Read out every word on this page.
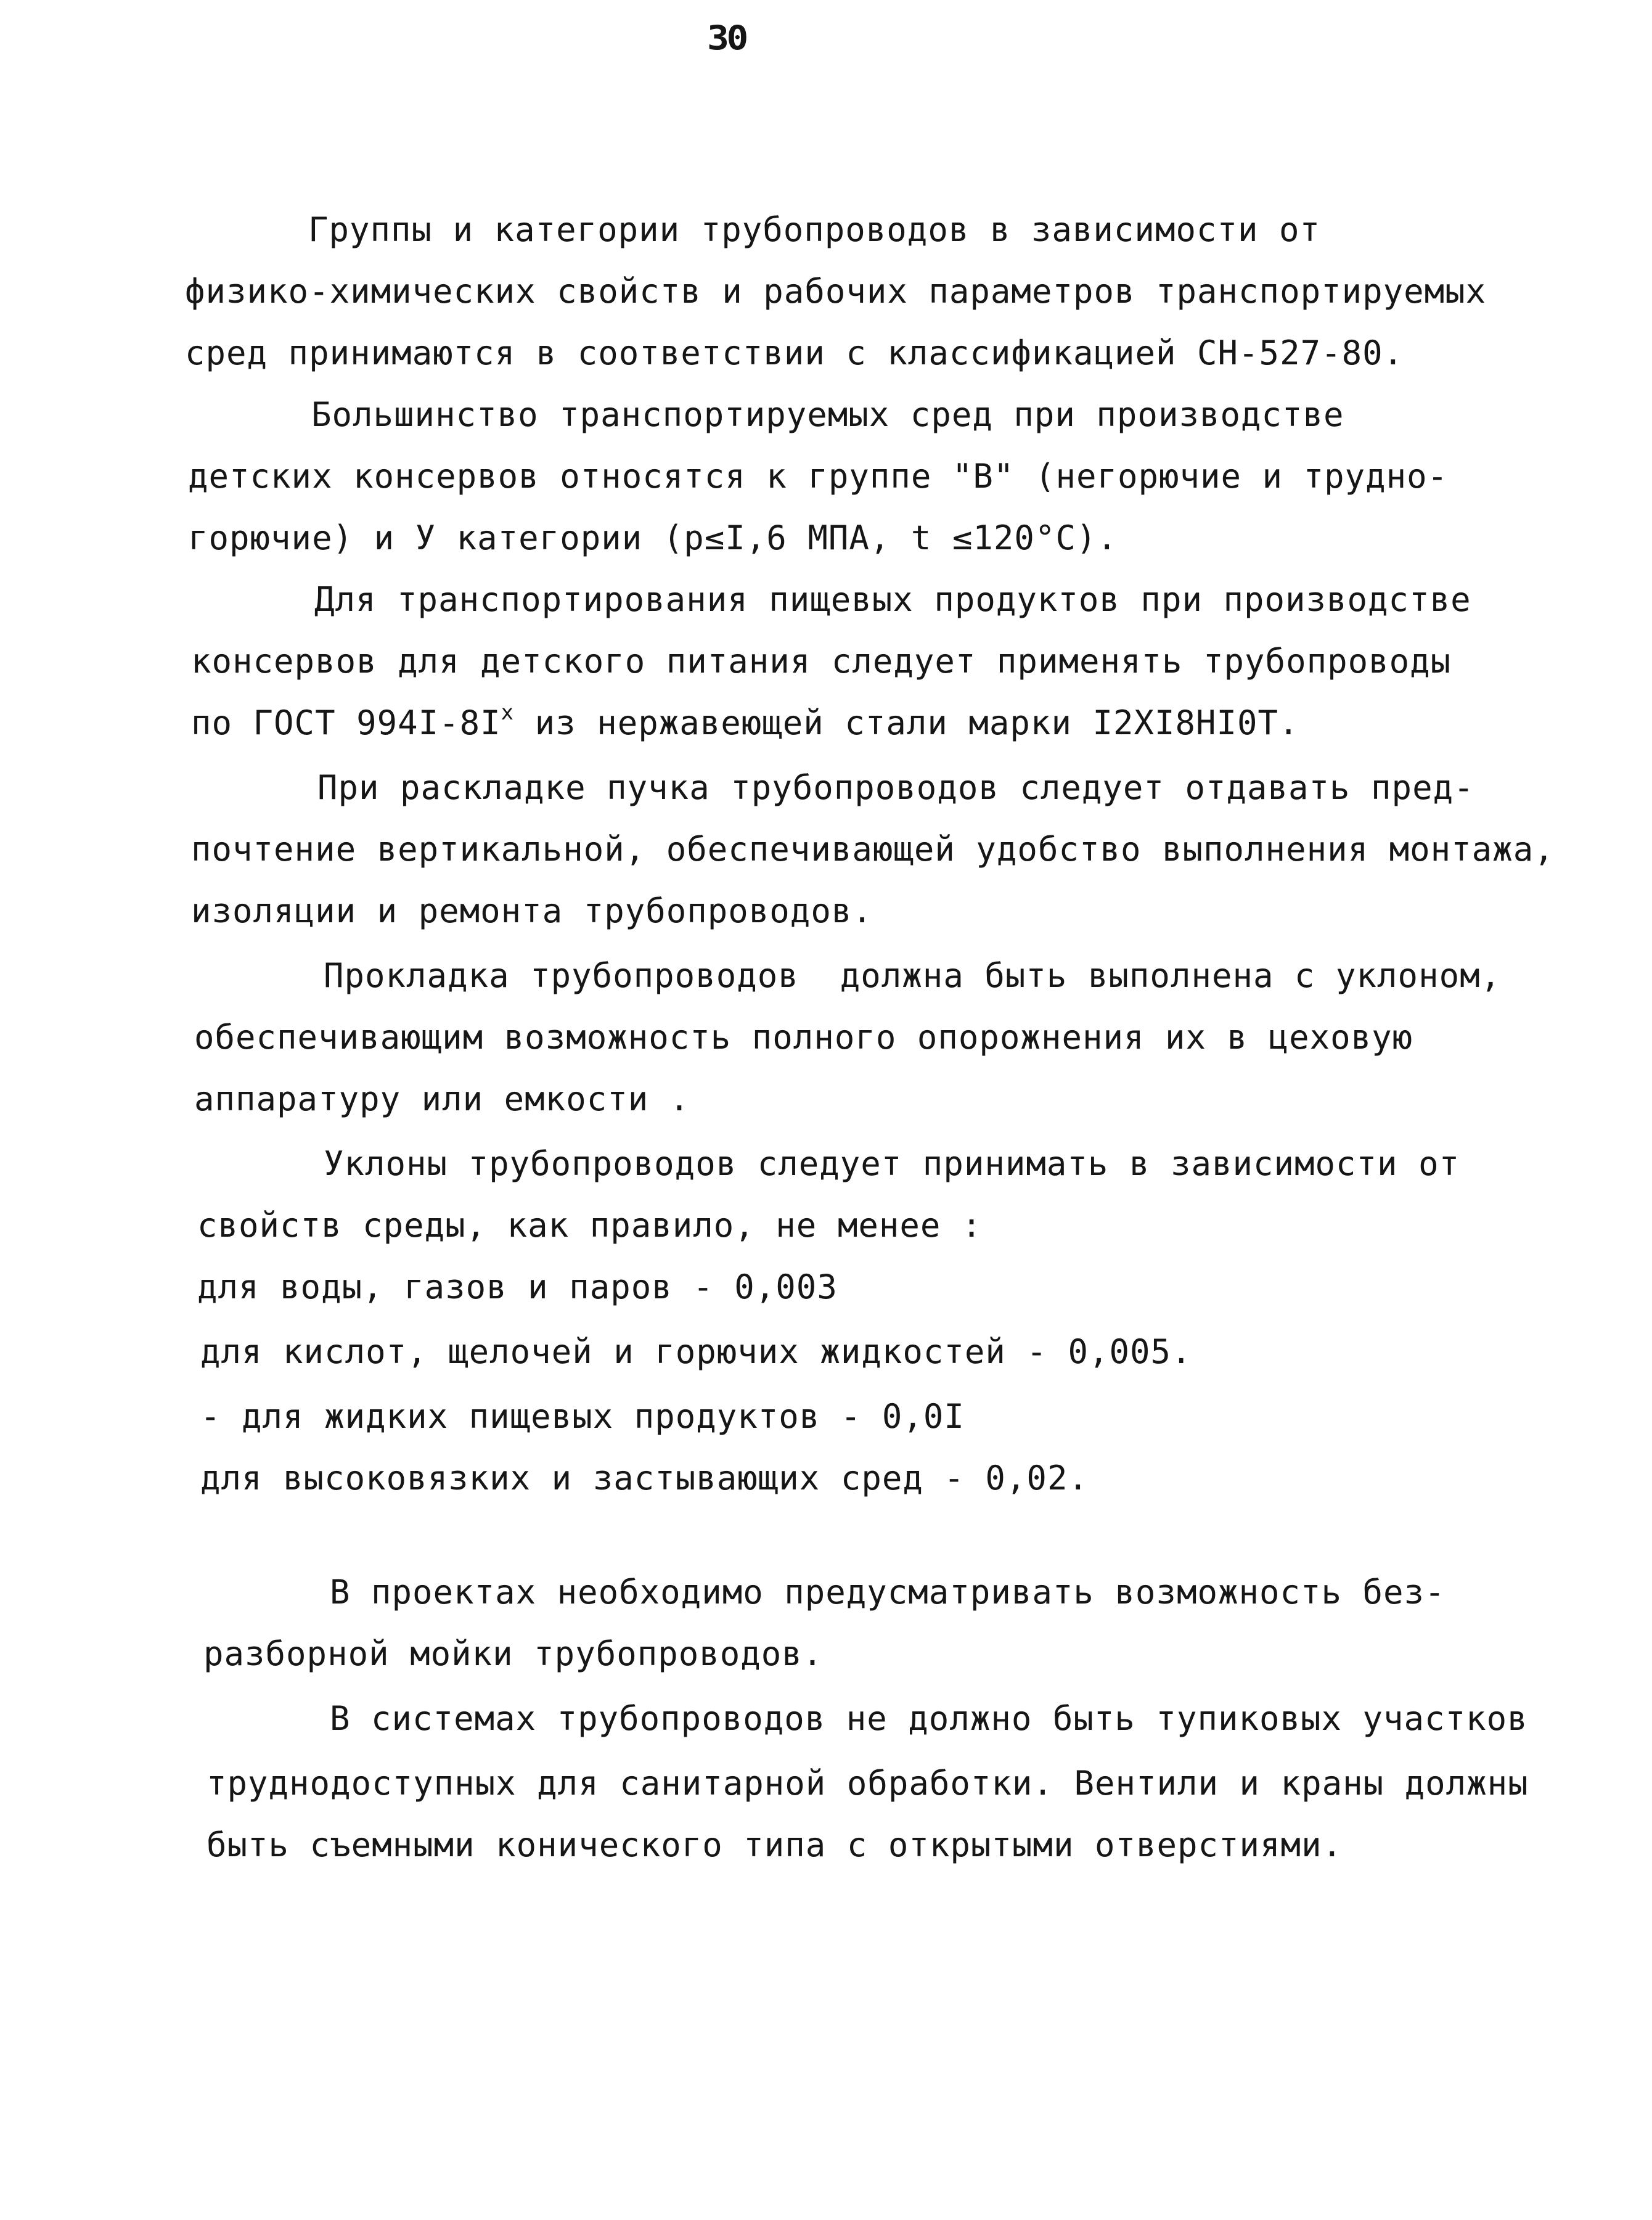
30
Группы и категории трубопроводов в зависимости от
физико-химических свойств и рабочих параметров транспортируемых
сред принимаются в соответствии с классификацией СН-527-80.
Большинство транспортируемых сред при производстве
детских консервов относятся к группе "В" (негорючие и трудно-
горючие) и У категории (р≤I,6 МПА, t ≤120°С).
Для транспортирования пищевых продуктов при производстве
консервов для детского питания следует применять трубопроводы
по ГОСТ $994I-8I^х$ из нержавеющей стали марки I2XI8HI0T.
При раскладке пучка трубопроводов следует отдавать пред-
почтение вертикальной, обеспечивающей удобство выполнения монтажа,
изоляции и ремонта трубопроводов.
Прокладка трубопроводов  должна быть выполнена с уклоном,
обеспечивающим возможность полного опорожнения их в цеховую
аппаратуру или емкости .
Уклоны трубопроводов следует принимать в зависимости от
свойств среды, как правило, не менее :
для воды, газов и паров - 0,003
для кислот, щелочей и горючих жидкостей - 0,005.
- для жидких пищевых продуктов - 0,0I
для высоковязких и застывающих сред - 0,02.
В проектах необходимо предусматривать возможность без-
разборной мойки трубопроводов.
В системах трубопроводов не должно быть тупиковых участков
труднодоступных для санитарной обработки. Вентили и краны должны
быть съемными конического типа с открытыми отверстиями.
